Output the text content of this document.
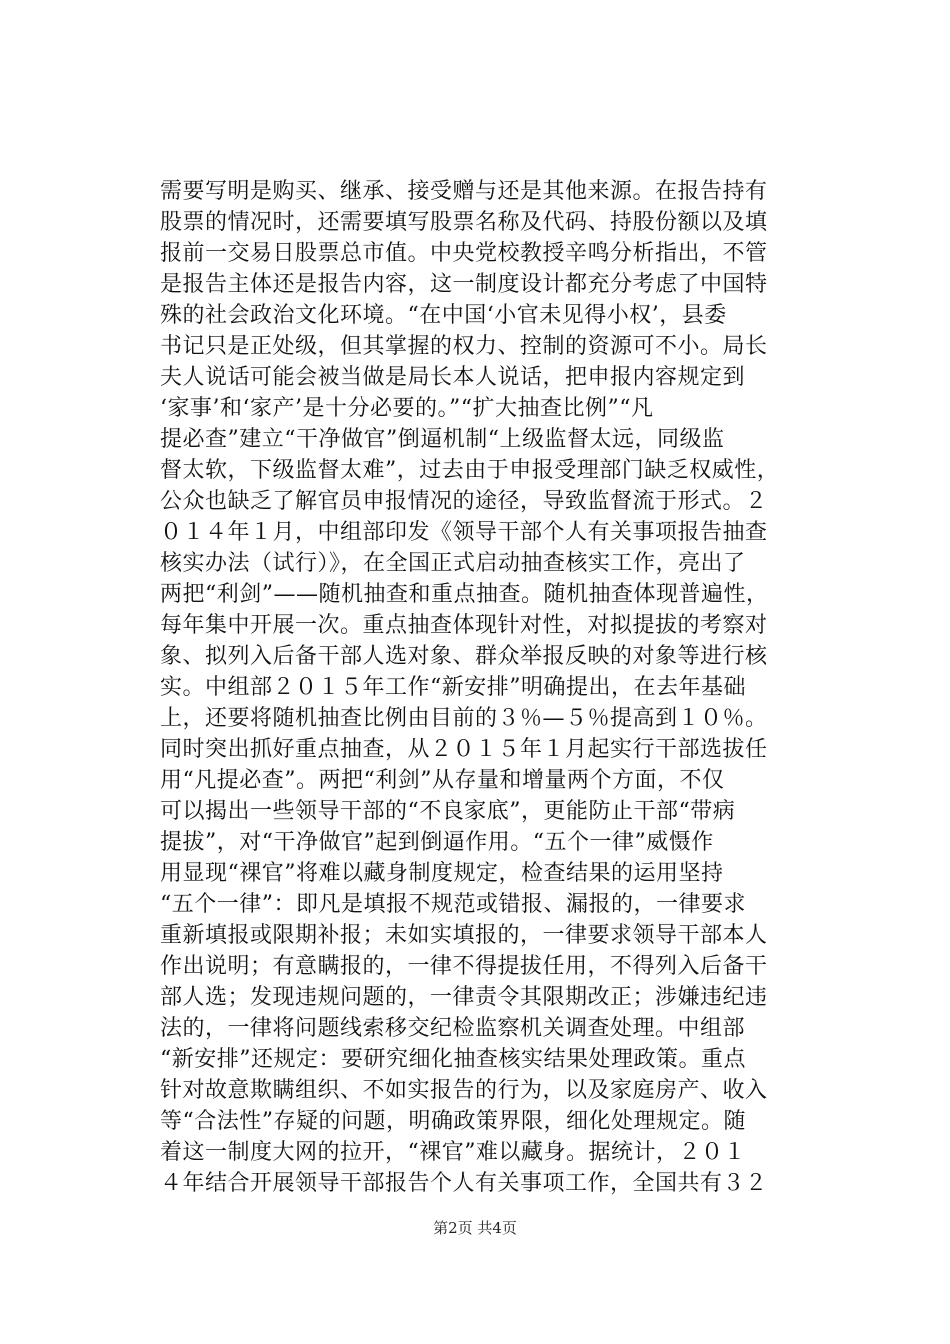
需要写明是购买、继承、接受赠与还是其他来源。在报告持有
股票的情况时，还需要填写股票名称及代码、持股份额以及填
报前一交易日股票总市值。中央党校教授辛鸣分析指出，不管
是报告主体还是报告内容，这一制度设计都充分考虑了中国特
殊的社会政治文化环境。“在中国‘小官未见得小权’，县委
书记只是正处级，但其掌握的权力、控制的资源可不小。局长
夫人说话可能会被当做是局长本人说话，把申报内容规定到
‘家事’和‘家产’是十分必要的。”“扩大抽查比例”“凡
提必查”建立“干净做官”倒逼机制“上级监督太远，同级监
督太软，下级监督太难”，过去由于申报受理部门缺乏权威性，
公众也缺乏了解官员申报情况的途径，导致监督流于形式。２
０１４年１月，中组部印发《领导干部个人有关事项报告抽查
核实办法（试行）》，在全国正式启动抽查核实工作，亮出了
两把“利剑”——随机抽查和重点抽查。随机抽查体现普遍性，
每年集中开展一次。重点抽查体现针对性，对拟提拔的考察对
象、拟列入后备干部人选对象、群众举报反映的对象等进行核
实。中组部２０１５年工作“新安排”明确提出，在去年基础
上，还要将随机抽查比例由目前的３％—５％提高到１０％。
同时突出抓好重点抽查，从２０１５年１月起实行干部选拔任
用“凡提必查”。两把“利剑”从存量和增量两个方面，不仅
可以揭出一些领导干部的“不良家底”，更能防止干部“带病
提拔”，对“干净做官”起到倒逼作用。“五个一律”威慑作
用显现“裸官”将难以藏身制度规定，检查结果的运用坚持
“五个一律”：即凡是填报不规范或错报、漏报的，一律要求
重新填报或限期补报；未如实填报的，一律要求领导干部本人
作出说明；有意瞒报的，一律不得提拔任用，不得列入后备干
部人选；发现违规问题的，一律责令其限期改正；涉嫌违纪违
法的，一律将问题线索移交纪检监察机关调查处理。中组部
“新安排”还规定：要研究细化抽查核实结果处理政策。重点
针对故意欺瞒组织、不如实报告的行为，以及家庭房产、收入
等“合法性”存疑的问题，明确政策界限，细化处理规定。随
着这一制度大网的拉开，“裸官”难以藏身。据统计，２０１
４年结合开展领导干部报告个人有关事项工作，全国共有３２
第2页 共4页
